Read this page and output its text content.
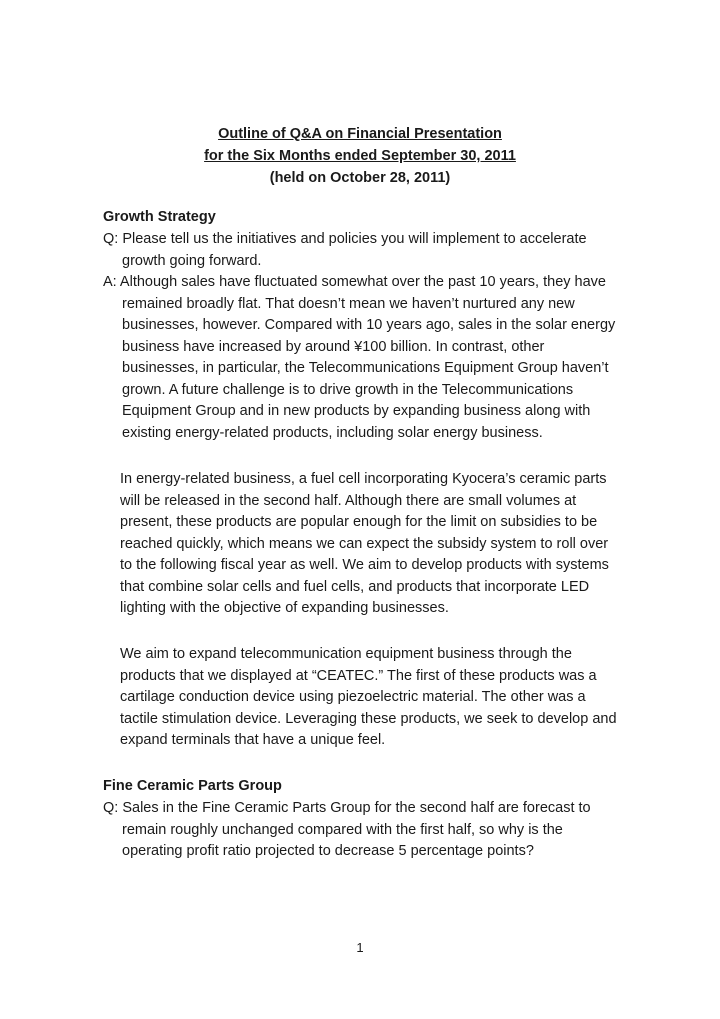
Outline of Q&A on Financial Presentation
for the Six Months ended September 30, 2011
(held on October 28, 2011)
Growth Strategy
Q: Please tell us the initiatives and policies you will implement to accelerate
growth going forward.
A: Although sales have fluctuated somewhat over the past 10 years, they have
remained broadly flat. That doesn’t mean we haven’t nurtured any new
businesses, however. Compared with 10 years ago, sales in the solar energy
business have increased by around ¥100 billion. In contrast, other
businesses, in particular, the Telecommunications Equipment Group haven’t
grown. A future challenge is to drive growth in the Telecommunications
Equipment Group and in new products by expanding business along with
existing energy-related products, including solar energy business.
In energy-related business, a fuel cell incorporating Kyocera’s ceramic parts
will be released in the second half. Although there are small volumes at
present, these products are popular enough for the limit on subsidies to be
reached quickly, which means we can expect the subsidy system to roll over
to the following fiscal year as well. We aim to develop products with systems
that combine solar cells and fuel cells, and products that incorporate LED
lighting with the objective of expanding businesses.
We aim to expand telecommunication equipment business through the
products that we displayed at “CEATEC.” The first of these products was a
cartilage conduction device using piezoelectric material. The other was a
tactile stimulation device. Leveraging these products, we seek to develop and
expand terminals that have a unique feel.
Fine Ceramic Parts Group
Q: Sales in the Fine Ceramic Parts Group for the second half are forecast to
remain roughly unchanged compared with the first half, so why is the
operating profit ratio projected to decrease 5 percentage points?
1
